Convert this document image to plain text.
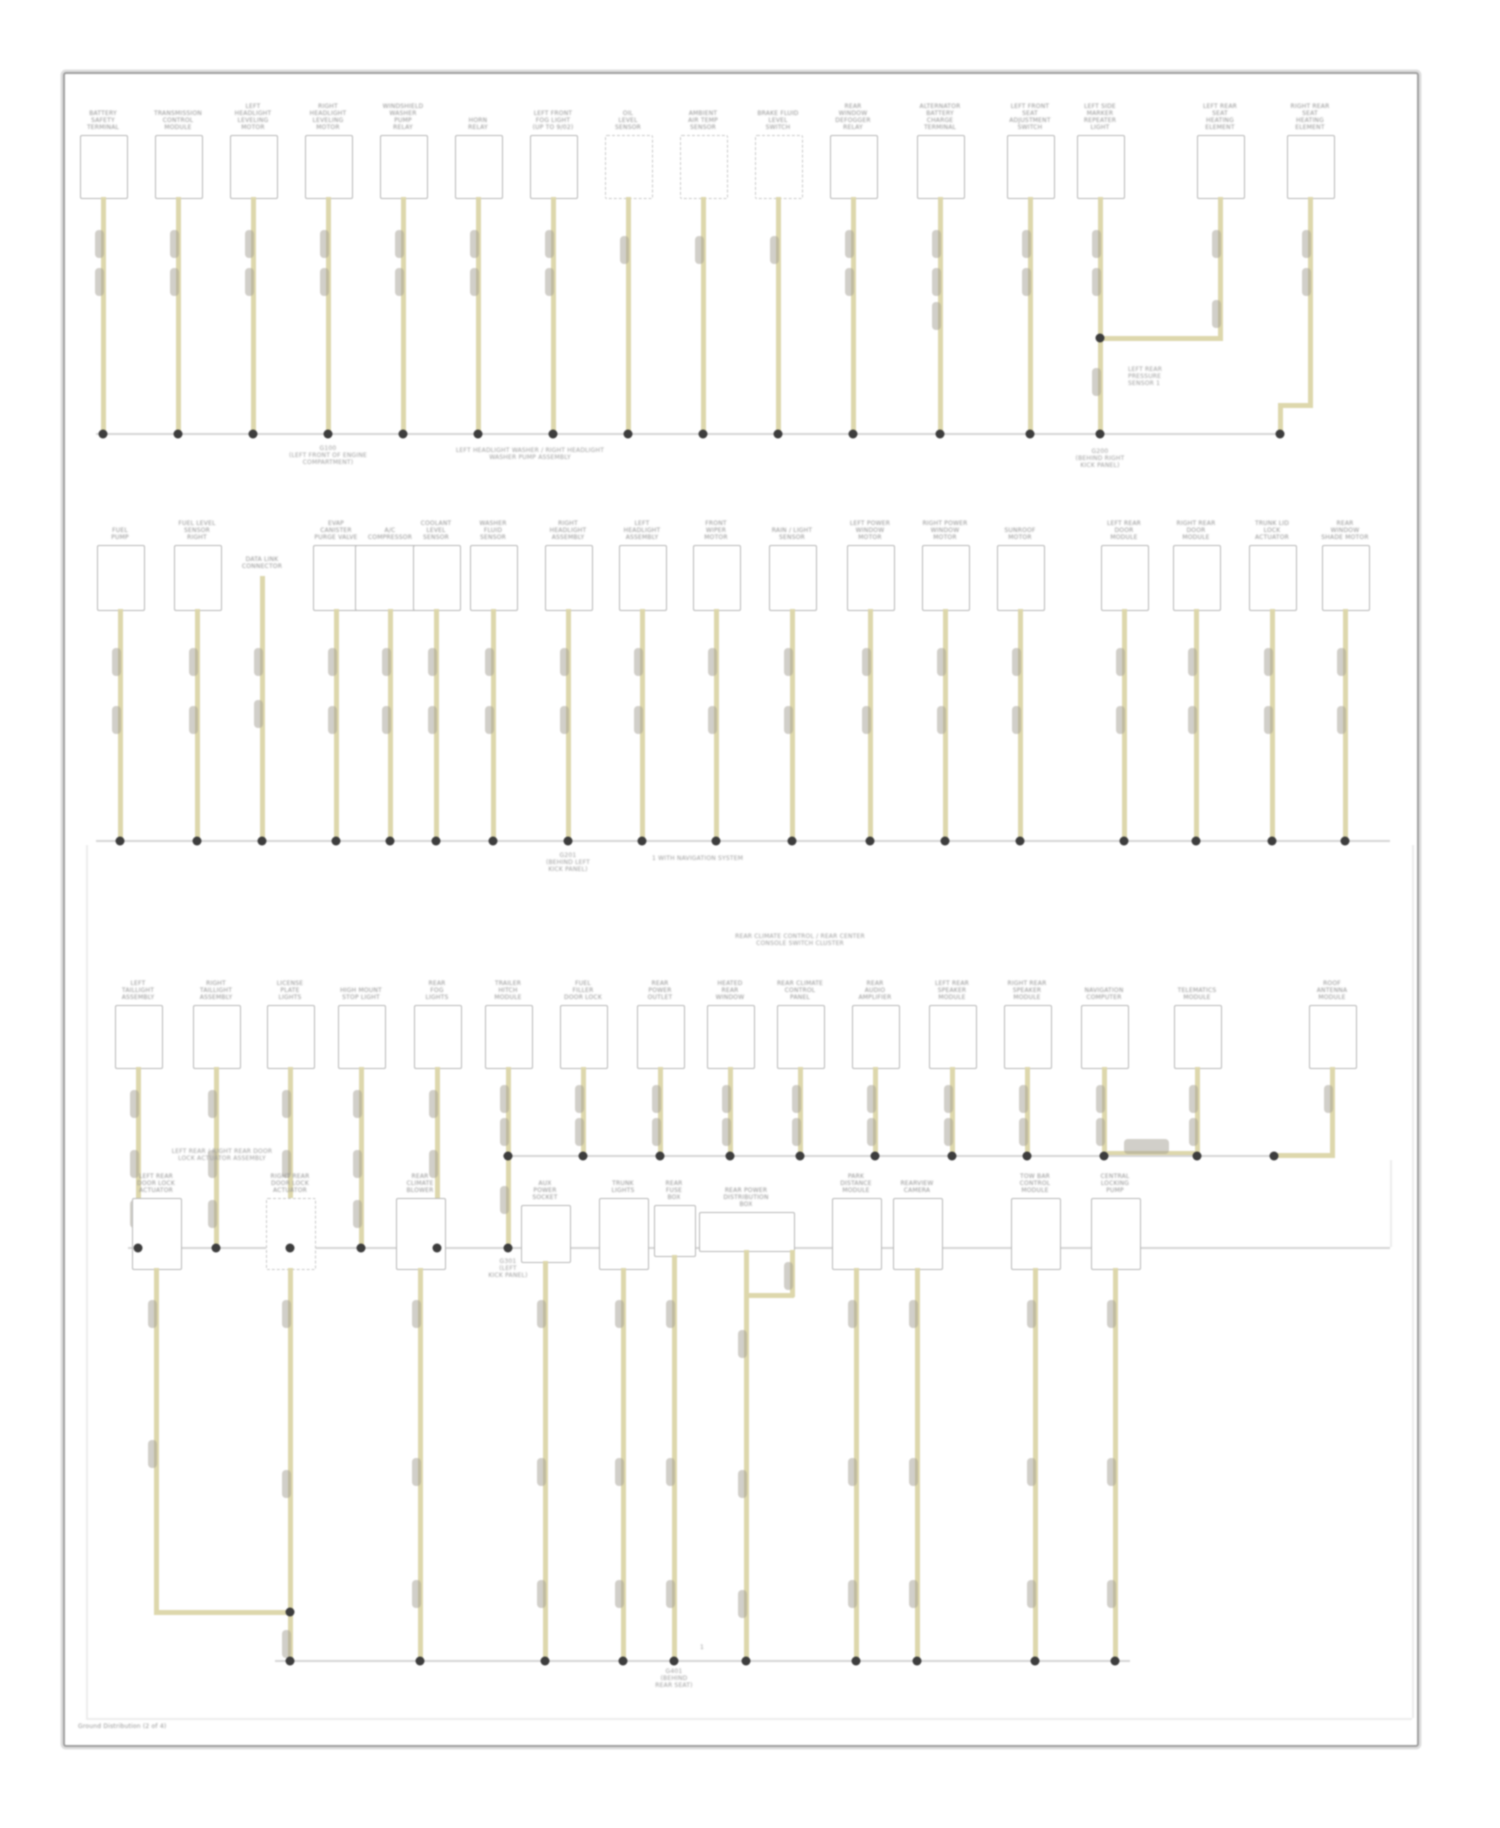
BATTERY
SAFETY
TERMINAL
TRANSMISSION
CONTROL
MODULE
LEFT
HEADLIGHT
LEVELING
MOTOR
RIGHT
HEADLIGHT
LEVELING
MOTOR
WINDSHIELD
WASHER
PUMP
RELAY
HORN
RELAY
LEFT FRONT
FOG LIGHT
(UP TO 9/02)
OIL
LEVEL
SENSOR
AMBIENT
AIR TEMP
SENSOR
BRAKE FLUID
LEVEL
SWITCH
REAR
WINDOW
DEFOGGER
RELAY
ALTERNATOR
BATTERY
CHARGE
TERMINAL
LEFT FRONT
SEAT
ADJUSTMENT
SWITCH
LEFT SIDE
MARKER
REPEATER
LIGHT
LEFT REAR
SEAT
HEATING
ELEMENT
RIGHT REAR
SEAT
HEATING
ELEMENT
FUEL
PUMP
FUEL LEVEL
SENSOR
RIGHT
DATA LINK
CONNECTOR
EVAP
CANISTER
PURGE VALVE
A/C
COMPRESSOR
COOLANT
LEVEL
SENSOR
WASHER
FLUID
SENSOR
RIGHT
HEADLIGHT
ASSEMBLY
LEFT
HEADLIGHT
ASSEMBLY
FRONT
WIPER
MOTOR
RAIN / LIGHT
SENSOR
LEFT POWER
WINDOW
MOTOR
RIGHT POWER
WINDOW
MOTOR
SUNROOF
MOTOR
LEFT REAR
DOOR
MODULE
RIGHT REAR
DOOR
MODULE
TRUNK LID
LOCK
ACTUATOR
REAR
WINDOW
SHADE MOTOR
LEFT
TAILLIGHT
ASSEMBLY
RIGHT
TAILLIGHT
ASSEMBLY
LICENSE
PLATE
LIGHTS
HIGH MOUNT
STOP LIGHT
REAR
FOG
LIGHTS
TRAILER
HITCH
MODULE
FUEL
FILLER
DOOR LOCK
REAR
POWER
OUTLET
HEATED
REAR
WINDOW
REAR CLIMATE
CONTROL
PANEL
REAR
AUDIO
AMPLIFIER
LEFT REAR
SPEAKER
MODULE
RIGHT REAR
SPEAKER
MODULE
NAVIGATION
COMPUTER
TELEMATICS
MODULE
ROOF
ANTENNA
MODULE
LEFT REAR
DOOR LOCK
ACTUATOR
RIGHT REAR
DOOR LOCK
ACTUATOR
REAR
CLIMATE
BLOWER
AUX
POWER
SOCKET
TRUNK
LIGHTS
REAR
FUSE
BOX
REAR POWER
DISTRIBUTION
BOX
PARK
DISTANCE
MODULE
REARVIEW
CAMERA
TOW BAR
CONTROL
MODULE
CENTRAL
LOCKING
PUMP
G100
(LEFT FRONT OF ENGINE
COMPARTMENT)
G200
(BEHIND RIGHT
KICK PANEL)
G201
(BEHIND LEFT
KICK PANEL)
G301
(LEFT
KICK PANEL)
G401
(BEHIND
REAR SEAT)
LEFT REAR
PRESSURE
SENSOR 1
LEFT HEADLIGHT WASHER / RIGHT HEADLIGHT
WASHER PUMP ASSEMBLY
REAR CLIMATE CONTROL / REAR CENTER
CONSOLE SWITCH CLUSTER
LEFT REAR / RIGHT REAR DOOR
LOCK ACTUATOR ASSEMBLY
1 WITH NAVIGATION SYSTEM
1
Ground Distribution (2 of 4)
